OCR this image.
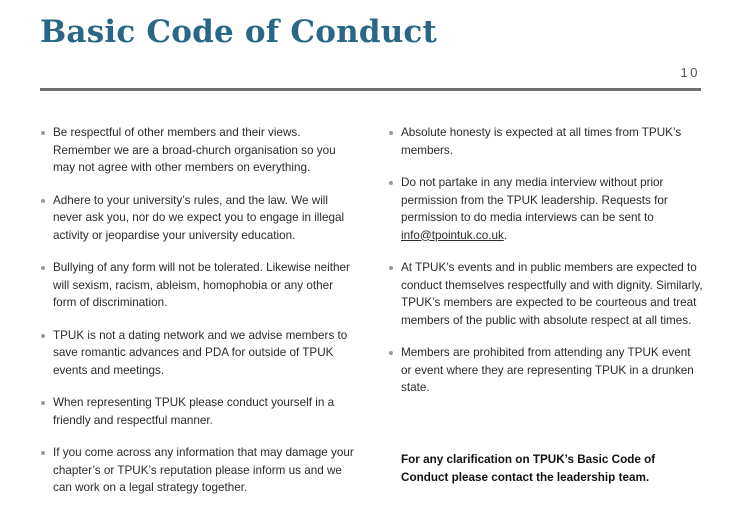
Basic Code of Conduct
10
Be respectful of other members and their views. Remember we are a broad-church organisation so you may not agree with other members on everything.
Adhere to your university’s rules, and the law. We will never ask you, nor do we expect you to engage in illegal activity or jeopardise your university education.
Bullying of any form will not be tolerated. Likewise neither will sexism, racism, ableism, homophobia or any other form of discrimination.
TPUK is not a dating network and we advise members to save romantic advances and PDA for outside of TPUK events and meetings.
When representing TPUK please conduct yourself in a friendly and respectful manner.
If you come across any information that may damage your chapter’s or TPUK’s reputation please inform us and we can work on a legal strategy together.
Absolute honesty is expected at all times from TPUK’s members.
Do not partake in any media interview without prior permission from the TPUK leadership. Requests for permission to do media interviews can be sent to info@tpointuk.co.uk.
At TPUK’s events and in public members are expected to conduct themselves respectfully and with dignity. Similarly, TPUK’s members are expected to be courteous and treat members of the public with absolute respect at all times.
Members are prohibited from attending any TPUK event or event where they are representing TPUK in a drunken state.
For any clarification on TPUK’s Basic Code of Conduct please contact the leadership team.
